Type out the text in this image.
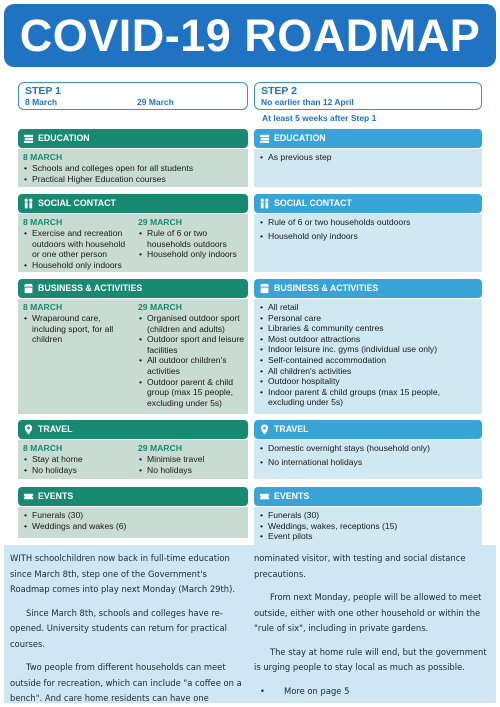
COVID-19 ROADMAP
STEP 1
8 March	29 March
STEP 2
No earlier than 12 April
At least 5 weeks after Step 1
EDUCATION
8 MARCH
• Schools and colleges open for all students
• Practical Higher Education courses
EDUCATION
• As previous step
SOCIAL CONTACT
8 MARCH
• Exercise and recreation outdoors with household or one other person
• Household only indoors
29 MARCH
• Rule of 6 or two households outdoors
• Household only indoors
SOCIAL CONTACT
• Rule of 6 or two households outdoors
• Household only indoors
BUSINESS & ACTIVITIES
8 MARCH
• Wraparound care, including sport, for all children
29 MARCH
• Organised outdoor sport (children and adults)
• Outdoor sport and leisure facilities
• All outdoor children's activities
• Outdoor parent & child group (max 15 people, excluding under 5s)
BUSINESS & ACTIVITIES
• All retail
• Personal care
• Libraries & community centres
• Most outdoor attractions
• Indoor leisure inc. gyms (individual use only)
• Self-contained accommodation
• All children's activities
• Outdoor hospitality
• Indoor parent & child groups (max 15 people, excluding under 5s)
TRAVEL
8 MARCH
• Stay at home
• No holidays
29 MARCH
• Minimise travel
• No holidays
TRAVEL
• Domestic overnight stays (household only)
• No international holidays
EVENTS
• Funerals (30)
• Weddings and wakes (6)
EVENTS
• Funerals (30)
• Weddings, wakes, receptions (15)
• Event pilots

WITH schoolchildren now back in full-time education since March 8th, step one of the Government's Roadmap comes into play next Monday (March 29th).

Since March 8th, schools and colleges have re-opened. University students can return for practical courses.

Two people from different households can meet outside for recreation, which can include "a coffee on a bench". And care home residents can have one

nominated visitor, with testing and social distance precautions.

From next Monday, people will be allowed to meet outside, either with one other household or within the "rule of six", including in private gardens.

The stay at home rule will end, but the government is urging people to stay local as much as possible.

• More on page 5
